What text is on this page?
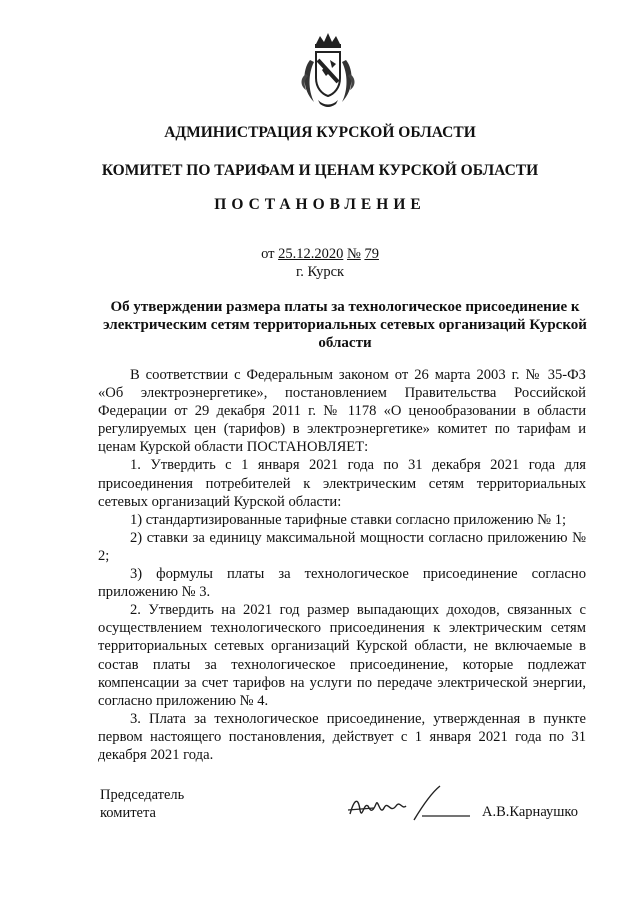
АДМИНИСТРАЦИЯ КУРСКОЙ ОБЛАСТИ
КОМИТЕТ ПО ТАРИФАМ И ЦЕНАМ КУРСКОЙ ОБЛАСТИ
ПОСТАНОВЛЕНИЕ
от 25.12.2020 № 79
г. Курск
Об утверждении размера платы за технологическое присоединение к электрическим сетям территориальных сетевых организаций Курской области

В соответствии с Федеральным законом от 26 марта 2003 г. № 35-ФЗ «Об электроэнергетике», постановлением Правительства Российской Федерации от 29 декабря 2011 г. № 1178 «О ценообразовании в области регулируемых цен (тарифов) в электроэнергетике» комитет по тарифам и ценам Курской области ПОСТАНОВЛЯЕТ:

1. Утвердить с 1 января 2021 года по 31 декабря 2021 года для присоединения потребителей к электрическим сетям территориальных сетевых организаций Курской области:

1) стандартизированные тарифные ставки согласно приложению № 1;

2) ставки за единицу максимальной мощности согласно приложению № 2;

3) формулы платы за технологическое присоединение согласно приложению № 3.

2. Утвердить на 2021 год размер выпадающих доходов, связанных с осуществлением технологического присоединения к электрическим сетям территориальных сетевых организаций Курской области, не включаемые в состав платы за технологическое присоединение, которые подлежат компенсации за счет тарифов на услуги по передаче электрической энергии, согласно приложению № 4.

3. Плата за технологическое присоединение, утвержденная в пункте первом настоящего постановления, действует с 1 января 2021 года по 31 декабря 2021 года.

Председатель
комитета	А.В.Карнаушко
